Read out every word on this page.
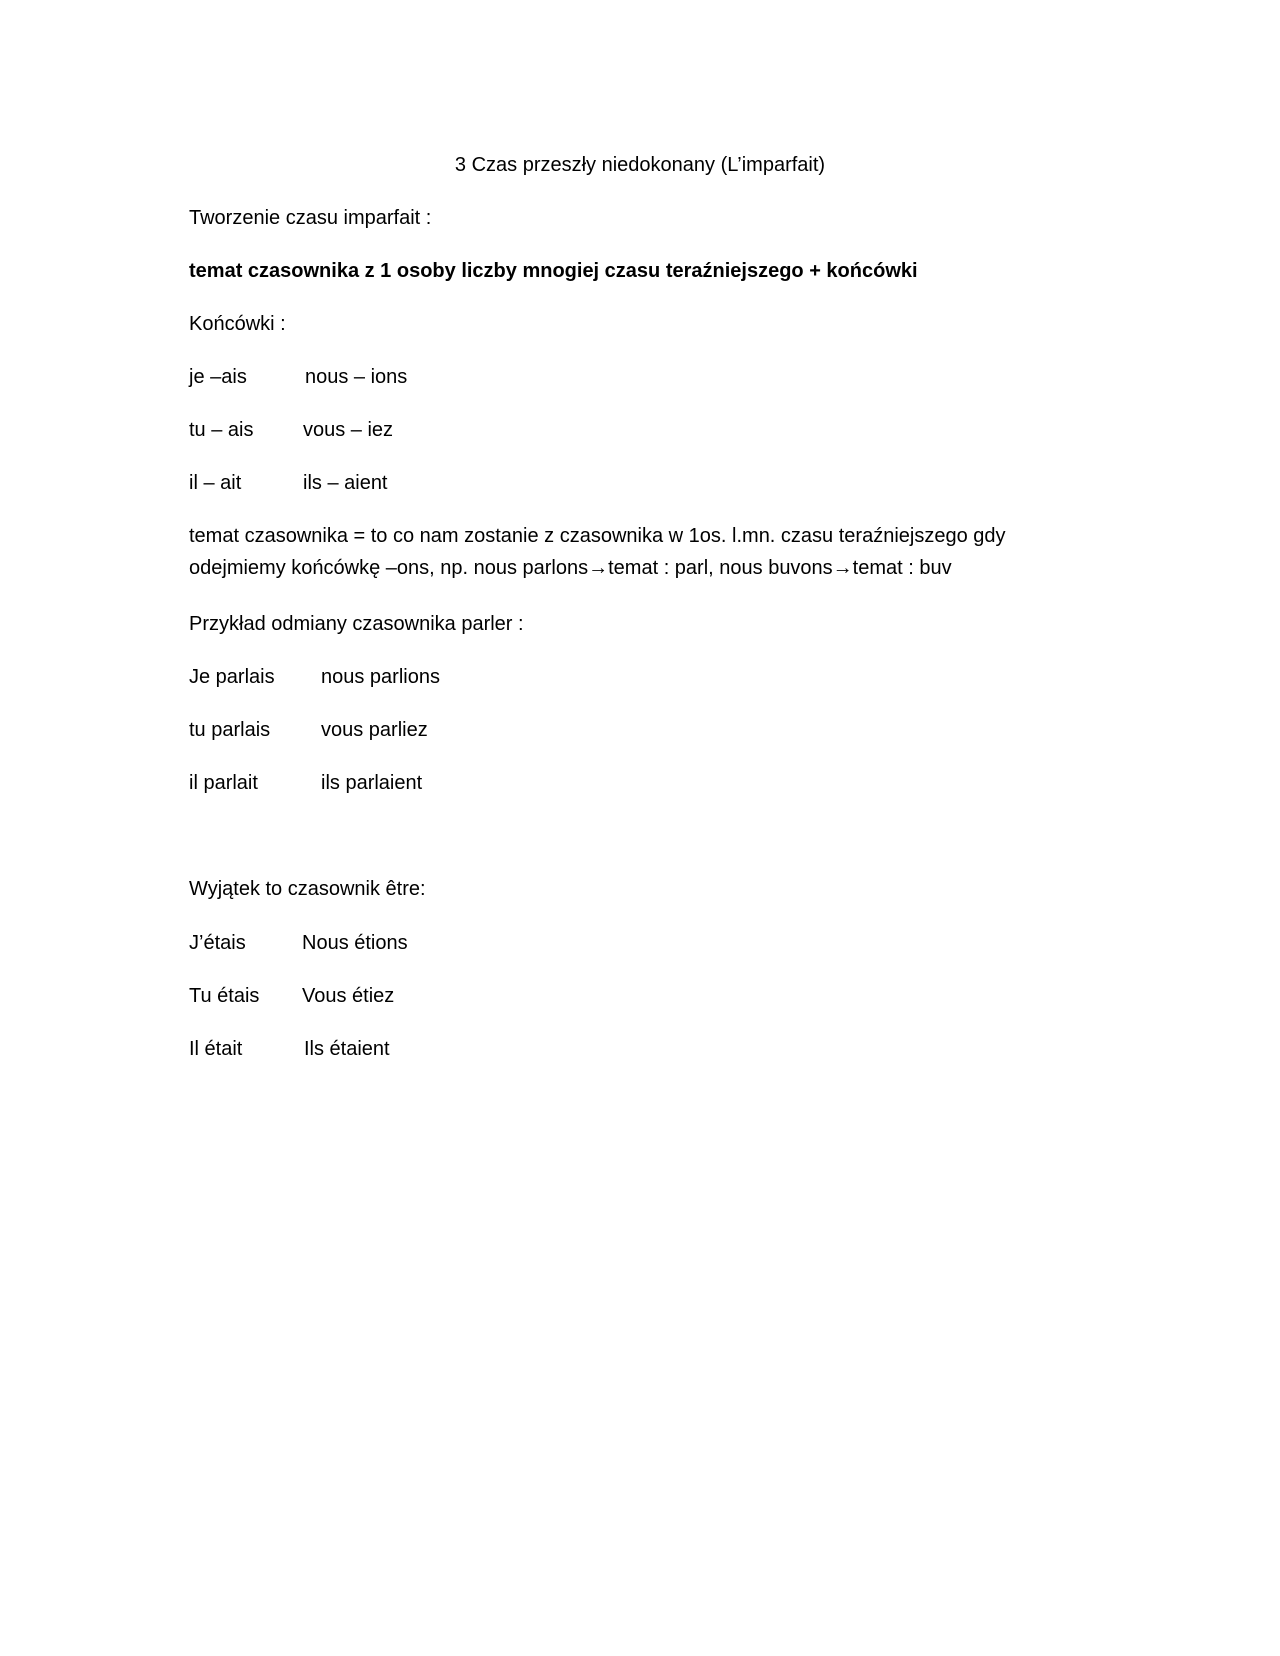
3 Czas przeszły niedokonany (L’imparfait)
Tworzenie czasu imparfait :
temat czasownika z 1 osoby liczby mnogiej czasu teraźniejszego + końcówki
Końcówki :
je –ais	nous – ions
tu – ais vous – iez
il – ait	ils – aient
temat czasownika = to co nam zostanie z czasownika w 1os. l.mn. czasu teraźniejszego gdy
odejmiemy końcówkę –ons, np. nous parlons→temat : parl, nous buvons→temat : buv
Przykład odmiany czasownika parler :
Je parlais nous parlions
tu parlais	vous parliez
il parlait	ils parlaient
Wyjątek to czasownik être:
J’étais	Nous étions
Tu étais Vous étiez
Il était	Ils étaient
